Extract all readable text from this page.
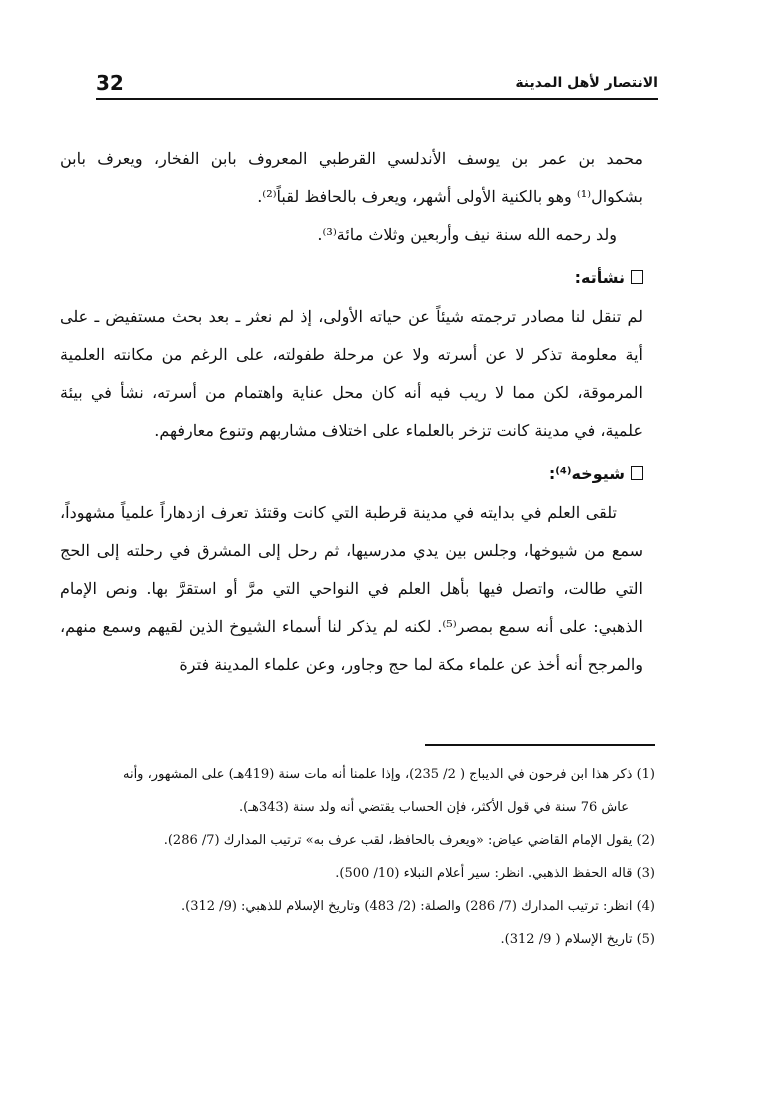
32	الانتصار لأهل المدينة

محمد بن عمر بن يوسف الأندلسي القرطبي المعروف بابن الفخار، ويعرف بابن بشكوال⁽¹⁾ وهو بالكنية الأولى أشهر، ويعرف بالحافظ لقباً⁽²⁾.

ولد رحمه الله سنة نيف وأربعين وثلاث مائة⁽³⁾.

نشأته:

لم تنقل لنا مصادر ترجمته شيئاً عن حياته الأولى، إذ لم نعثر ـ بعد بحث مستفيض ـ على أية معلومة تذكر لا عن أسرته ولا عن مرحلة طفولته، على الرغم من مكانته العلمية المرموقة، لكن مما لا ريب فيه أنه كان محل عناية واهتمام من أسرته، نشأ في بيئة علمية، في مدينة كانت تزخر بالعلماء على اختلاف مشاربهم وتنوع معارفهم.

شيوخه⁽⁴⁾:

تلقى العلم في بدايته في مدينة قرطبة التي كانت وقتئذ تعرف ازدهاراً علمياً مشهوداً، سمع من شيوخها، وجلس بين يدي مدرسيها، ثم رحل إلى المشرق في رحلته إلى الحج التي طالت، واتصل فيها بأهل العلم في النواحي التي مرَّ أو استقرَّ بها. ونص الإمام الذهبي: على أنه سمع بمصر⁽⁵⁾. لكنه لم يذكر لنا أسماء الشيوخ الذين لقيهم وسمع منهم، والمرجح أنه أخذ عن علماء مكة لما حج وجاور، وعن علماء المدينة فترة

(1) ذكر هذا ابن فرحون في الديباج ( 2/ 235)، وإذا علمنا أنه مات سنة (419هـ) على المشهور، وأنه

عاش 76 سنة في قول الأكثر، فإن الحساب يقتضي أنه ولد سنة (343هـ).

(2) يقول الإمام القاضي عياض: «ويعرف بالحافظ، لقب عرف به» ترتيب المدارك (7/ 286).

(3) قاله الحفظ الذهبي. انظر: سير أعلام النبلاء (10/ 500).

(4) انظر: ترتيب المدارك (7/ 286) والصلة: (2/ 483) وتاريخ الإسلام للذهبي: (9/ 312).

(5) تاريخ الإسلام ( 9/ 312).
